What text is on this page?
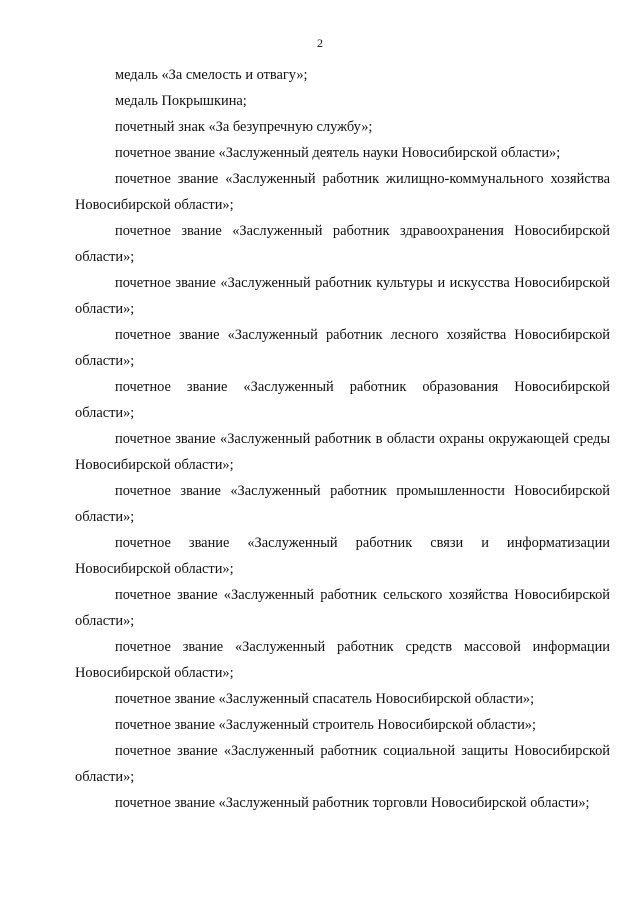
2

медаль «За смелость и отвагу»;

медаль Покрышкина;

почетный знак «За безупречную службу»;

почетное звание «Заслуженный деятель науки Новосибирской области»;

почетное звание «Заслуженный работник жилищно-коммунального хозяйства Новосибирской области»;

почетное звание «Заслуженный работник здравоохранения Новосибирской области»;

почетное звание «Заслуженный работник культуры и искусства Новосибирской области»;

почетное звание «Заслуженный работник лесного хозяйства Новосибирской области»;

почетное звание «Заслуженный работник образования Новосибирской области»;

почетное звание «Заслуженный работник в области охраны окружающей среды Новосибирской области»;

почетное звание «Заслуженный работник промышленности Новосибирской области»;

почетное звание «Заслуженный работник связи и информатизации Новосибирской области»;

почетное звание «Заслуженный работник сельского хозяйства Новосибирской области»;

почетное звание «Заслуженный работник средств массовой информации Новосибирской области»;

почетное звание «Заслуженный спасатель Новосибирской области»;

почетное звание «Заслуженный строитель Новосибирской области»;

почетное звание «Заслуженный работник социальной защиты Новосибирской области»;

почетное звание «Заслуженный работник торговли Новосибирской области»;
